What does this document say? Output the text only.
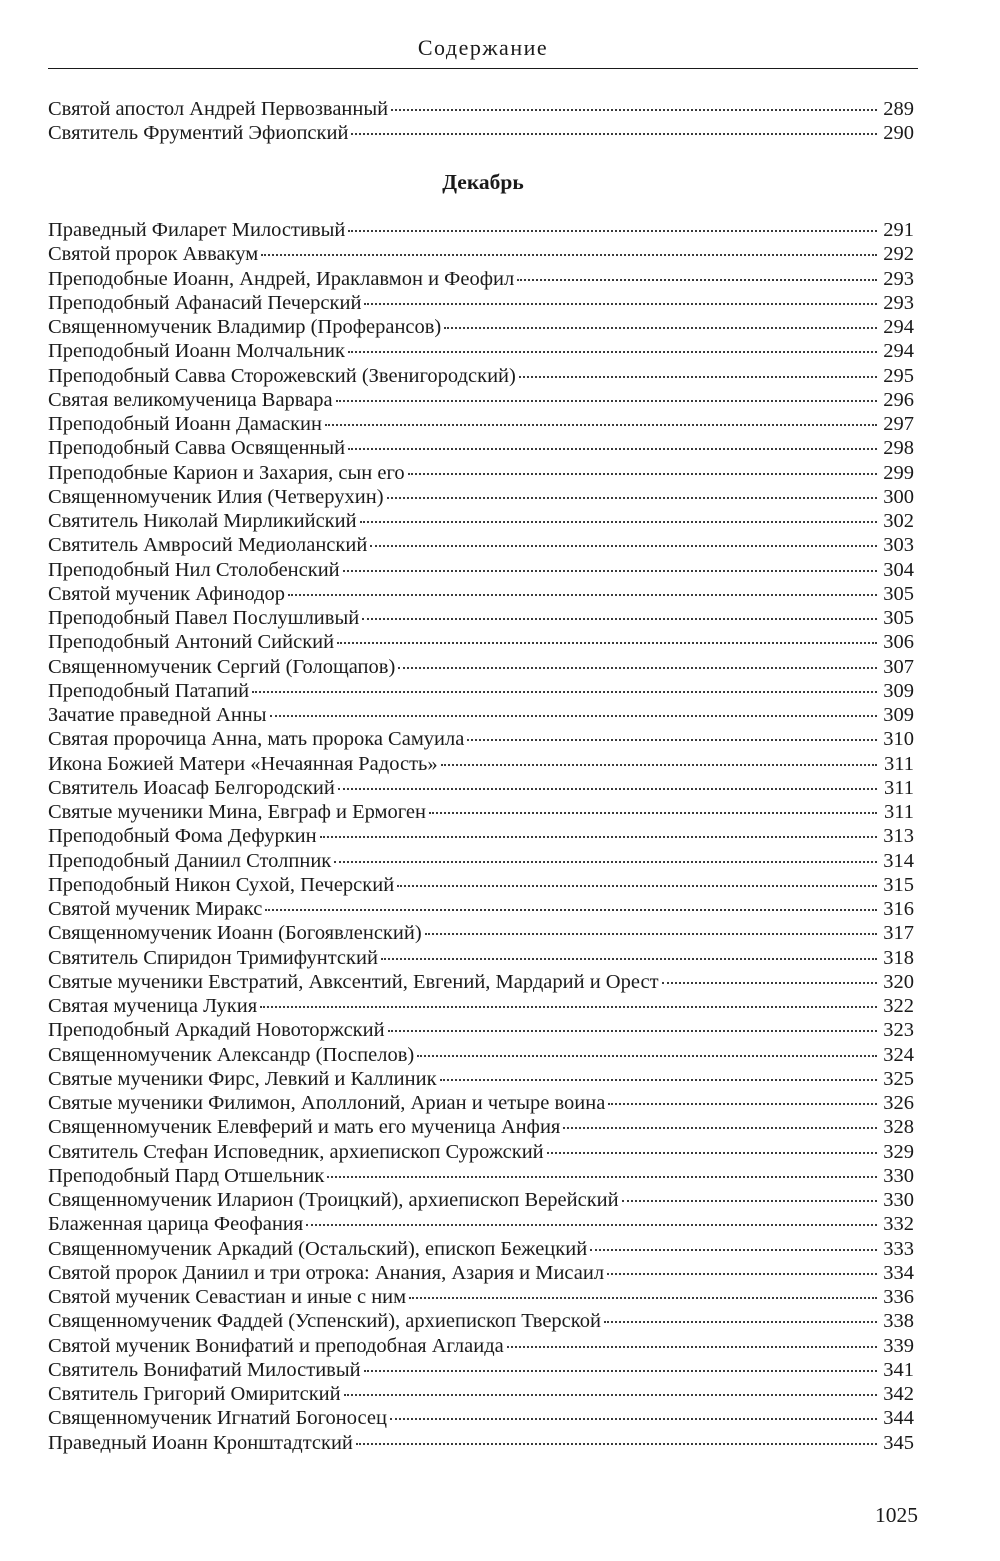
Содержание
Святой апостол Андрей Первозванный	289
Святитель Фрументий Эфиопский	290
Декабрь
Праведный Филарет Милостивый	291
Святой пророк Аввакум	292
Преподобные Иоанн, Андрей, Ираклавмон и Феофил	293
Преподобный Афанасий Печерский	293
Священномученик Владимир (Проферансов)	294
Преподобный Иоанн Молчальник	294
Преподобный Савва Сторожевский (Звенигородский)	295
Святая великомученица Варвара	296
Преподобный Иоанн Дамаскин	297
Преподобный Савва Освященный	298
Преподобные Карион и Захария, сын его	299
Священномученик Илия (Четверухин)	300
Святитель Николай Мирликийский	302
Святитель Амвросий Медиоланский	303
Преподобный Нил Столобенский	304
Святой мученик Афинодор	305
Преподобный Павел Послушливый	305
Преподобный Антоний Сийский	306
Священномученик Сергий (Голощапов)	307
Преподобный Патапий	309
Зачатие праведной Анны	309
Святая пророчица Анна, мать пророка Самуила	310
Икона Божией Матери «Нечаянная Радость»	311
Святитель Иоасаф Белгородский	311
Святые мученики Мина, Евграф и Ермоген	311
Преподобный Фома Дефуркин	313
Преподобный Даниил Столпник	314
Преподобный Никон Сухой, Печерский	315
Святой мученик Миракс	316
Священномученик Иоанн (Богоявленский)	317
Святитель Спиридон Тримифунтский	318
Святые мученики Евстратий, Авксентий, Евгений, Мардарий и Орест	320
Святая мученица Лукия	322
Преподобный Аркадий Новоторжский	323
Священномученик Александр (Поспелов)	324
Святые мученики Фирс, Левкий и Каллиник	325
Святые мученики Филимон, Аполлоний, Ариан и четыре воина	326
Священномученик Елевферий и мать его мученица Анфия	328
Святитель Стефан Исповедник, архиепископ Сурожский	329
Преподобный Пард Отшельник	330
Священномученик Иларион (Троицкий), архиепископ Верейский	330
Блаженная царица Феофания	332
Священномученик Аркадий (Остальский), епископ Бежецкий	333
Святой пророк Даниил и три отрока: Анания, Азария и Мисаил	334
Святой мученик Севастиан и иные с ним	336
Священномученик Фаддей (Успенский), архиепископ Тверской	338
Святой мученик Вонифатий и преподобная Аглаида	339
Святитель Вонифатий Милостивый	341
Святитель Григорий Омиритский	342
Священномученик Игнатий Богоносец	344
Праведный Иоанн Кронштадтский	345
1025
